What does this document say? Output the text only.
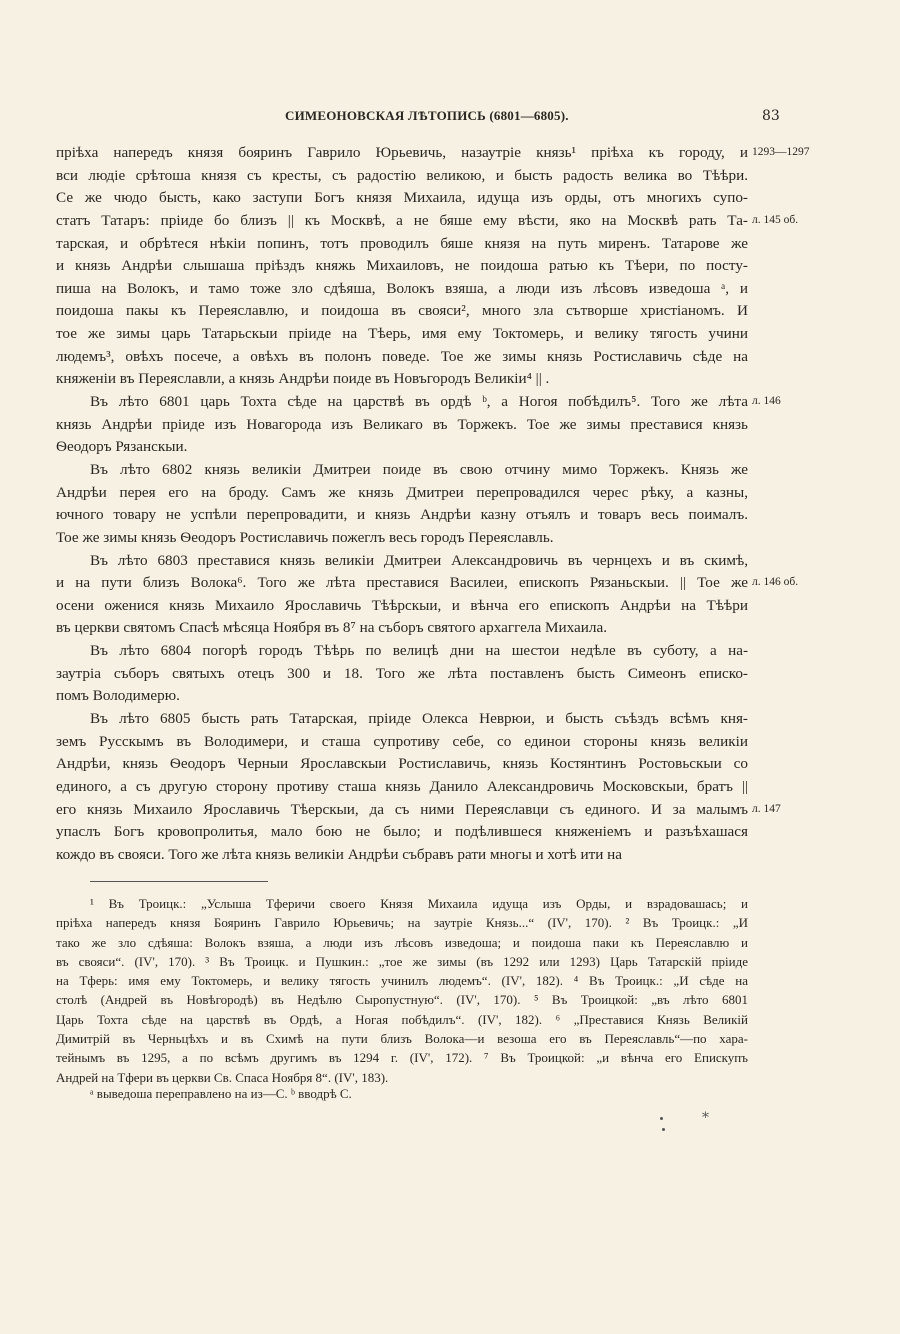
СИМЕОНОВСКАЯ ЛѢТОПИСЬ (6801—6805).	83
пріѣха напередъ князя бояринъ Гаврило Юрьевичь, назаутріе князь¹ пріѣха къ городу, и
вси людіе срѣтоша князя съ кресты, съ радостію великою, и бысть радость велика во Тѣѣри.
Се же чюдо бысть, како заступи Богъ князя Михаила, идуща изъ орды, отъ многихъ супо-
статъ Татаръ: пріиде бо близъ || къ Москвѣ, а не бяше ему вѣсти, яко на Москвѣ рать Та-
тарская, и обрѣтеся нѣкіи попинъ, тотъ проводилъ бяше князя на путь миренъ. Татарове же
и князь Андрѣи слышаша пріѣздъ княжь Михаиловъ, не поидоша ратью къ Тѣери, по посту-
пиша на Волокъ, и тамо тоже зло сдѣяша, Волокъ взяша, а люди изъ лѣсовъ изведоша ᵃ, и
поидоша пакы къ Переяславлю, и поидоша въ свояси², много зла сътворше христіаномъ. И
тое же зимы царь Татарьскыи пріиде на Тѣерь, имя ему Токтомерь, и велику тягость учини
людемъ³, овѣхъ посече, а овѣхъ въ полонъ поведе. Тое же зимы князь Ростиславичь сѣде на
княженіи въ Переяславли, а князь Андрѣи поиде въ Новъгородъ Великіи⁴ || .
Въ лѣто 6801 царь Тохта сѣде на царствѣ въ ордѣ ᵇ, а Ногоя побѣдилъ⁵. Того же лѣта
князь Андрѣи пріиде изъ Новагорода изъ Великаго въ Торжекъ. Тое же зимы преставися князь
Ѳеодоръ Рязанскыи.
Въ лѣто 6802 князь великіи Дмитреи поиде въ свою отчину мимо Торжекъ. Князь же
Андрѣи перея его на броду. Самъ же князь Дмитреи перепровадился черес рѣку, а казны,
ючного товару не успѣли перепровадити, и князь Андрѣи казну отъялъ и товаръ весь поималъ.
Тое же зимы князь Ѳеодоръ Ростиславичь пожеглъ весь городъ Переяславль.
Въ лѣто 6803 преставися князь великіи Дмитреи Александровичь въ чернцехъ и въ скимѣ,
и на пути близъ Волока⁶. Того же лѣта преставися Василеи, епископъ Рязаньскыи. || Тое же
осени оженися князь Михаило Ярославичь Тѣѣрскыи, и вѣнча его епископъ Андрѣи на Тѣѣри
въ церкви святомъ Спасѣ мѣсяца Ноября въ 8⁷ на съборъ святого архаггела Михаила.
Въ лѣто 6804 погорѣ городъ Тѣѣрь по велицѣ дни на шестои недѣле въ суботу, а на-
заутріа съборъ святыхъ отецъ 300 и 18. Того же лѣта поставленъ бысть Симеонъ еписко-
помъ Володимерю.
Въ лѣто 6805 бысть рать Татарская, пріиде Олекса Неврюи, и бысть съѣздъ всѣмъ кня-
земъ Русскымъ въ Володимери, и сташа супротиву себе, со единои стороны князь великіи
Андрѣи, князь Ѳеодоръ Черныи Ярославскыи Ростиславичь, князь Костянтинъ Ростовьскыи со
единого, а съ другую сторону противу сташа князь Данило Александровичь Московскыи, братъ ||
его князь Михаило Ярославичь Тѣерскыи, да съ ними Переяславци съ единого. И за малымъ
упаслъ Богъ кровопролитья, мало бою не было; и подѣлившеся княженіемъ и разъѣхашася
кождо въ свояси. Того же лѣта князь великіи Андрѣи събравъ рати многы и хотѣ ити на
1293—1297
л. 145 об.
л. 146
л. 146 об.
л. 147
¹ Въ Троицк.: „Услыша Тферичи своего Князя Михаила идуща изъ Орды, и взрадовашась; и
пріѣха напередъ князя Бояринъ Гаврило Юрьевичь; на заутріе Князь...“ (IV', 170). ² Въ Троицк.: „И
тако же зло сдѣяша: Волокъ взяша, а люди изъ лѣсовъ изведоша; и поидоша паки къ Переяславлю и
въ свояси“. (IV', 170). ³ Въ Троицк. и Пушкин.: „тое же зимы (въ 1292 или 1293) Царь Татарскій пріиде
на Тферь: имя ему Токтомерь, и велику тягость учинилъ людемъ“. (IV', 182). ⁴ Въ Троицк.: „И сѣде на
столѣ (Андрей въ Новѣгородѣ) въ Недѣлю Сыропустную“. (IV', 170). ⁵ Въ Троицкой: „въ лѣто 6801
Царь Тохта сѣде на царствѣ въ Ордѣ, а Ногая побѣдилъ“. (IV', 182). ⁶ „Преставися Князь Великій
Димитрій въ Черньцѣхъ и въ Схимѣ на пути близъ Волока—и везоша его въ Переяславль“—по хара-
тейнымъ въ 1295, а по всѣмъ другимъ въ 1294 г. (IV', 172). ⁷ Въ Троицкой: „и вѣнча его Епискупъ
Андрей на Тфери въ церкви Св. Спаса Ноября 8“. (IV', 183).
ᵃ выведоша переправлено на из—С. ᵇ вводрѣ С.
*
